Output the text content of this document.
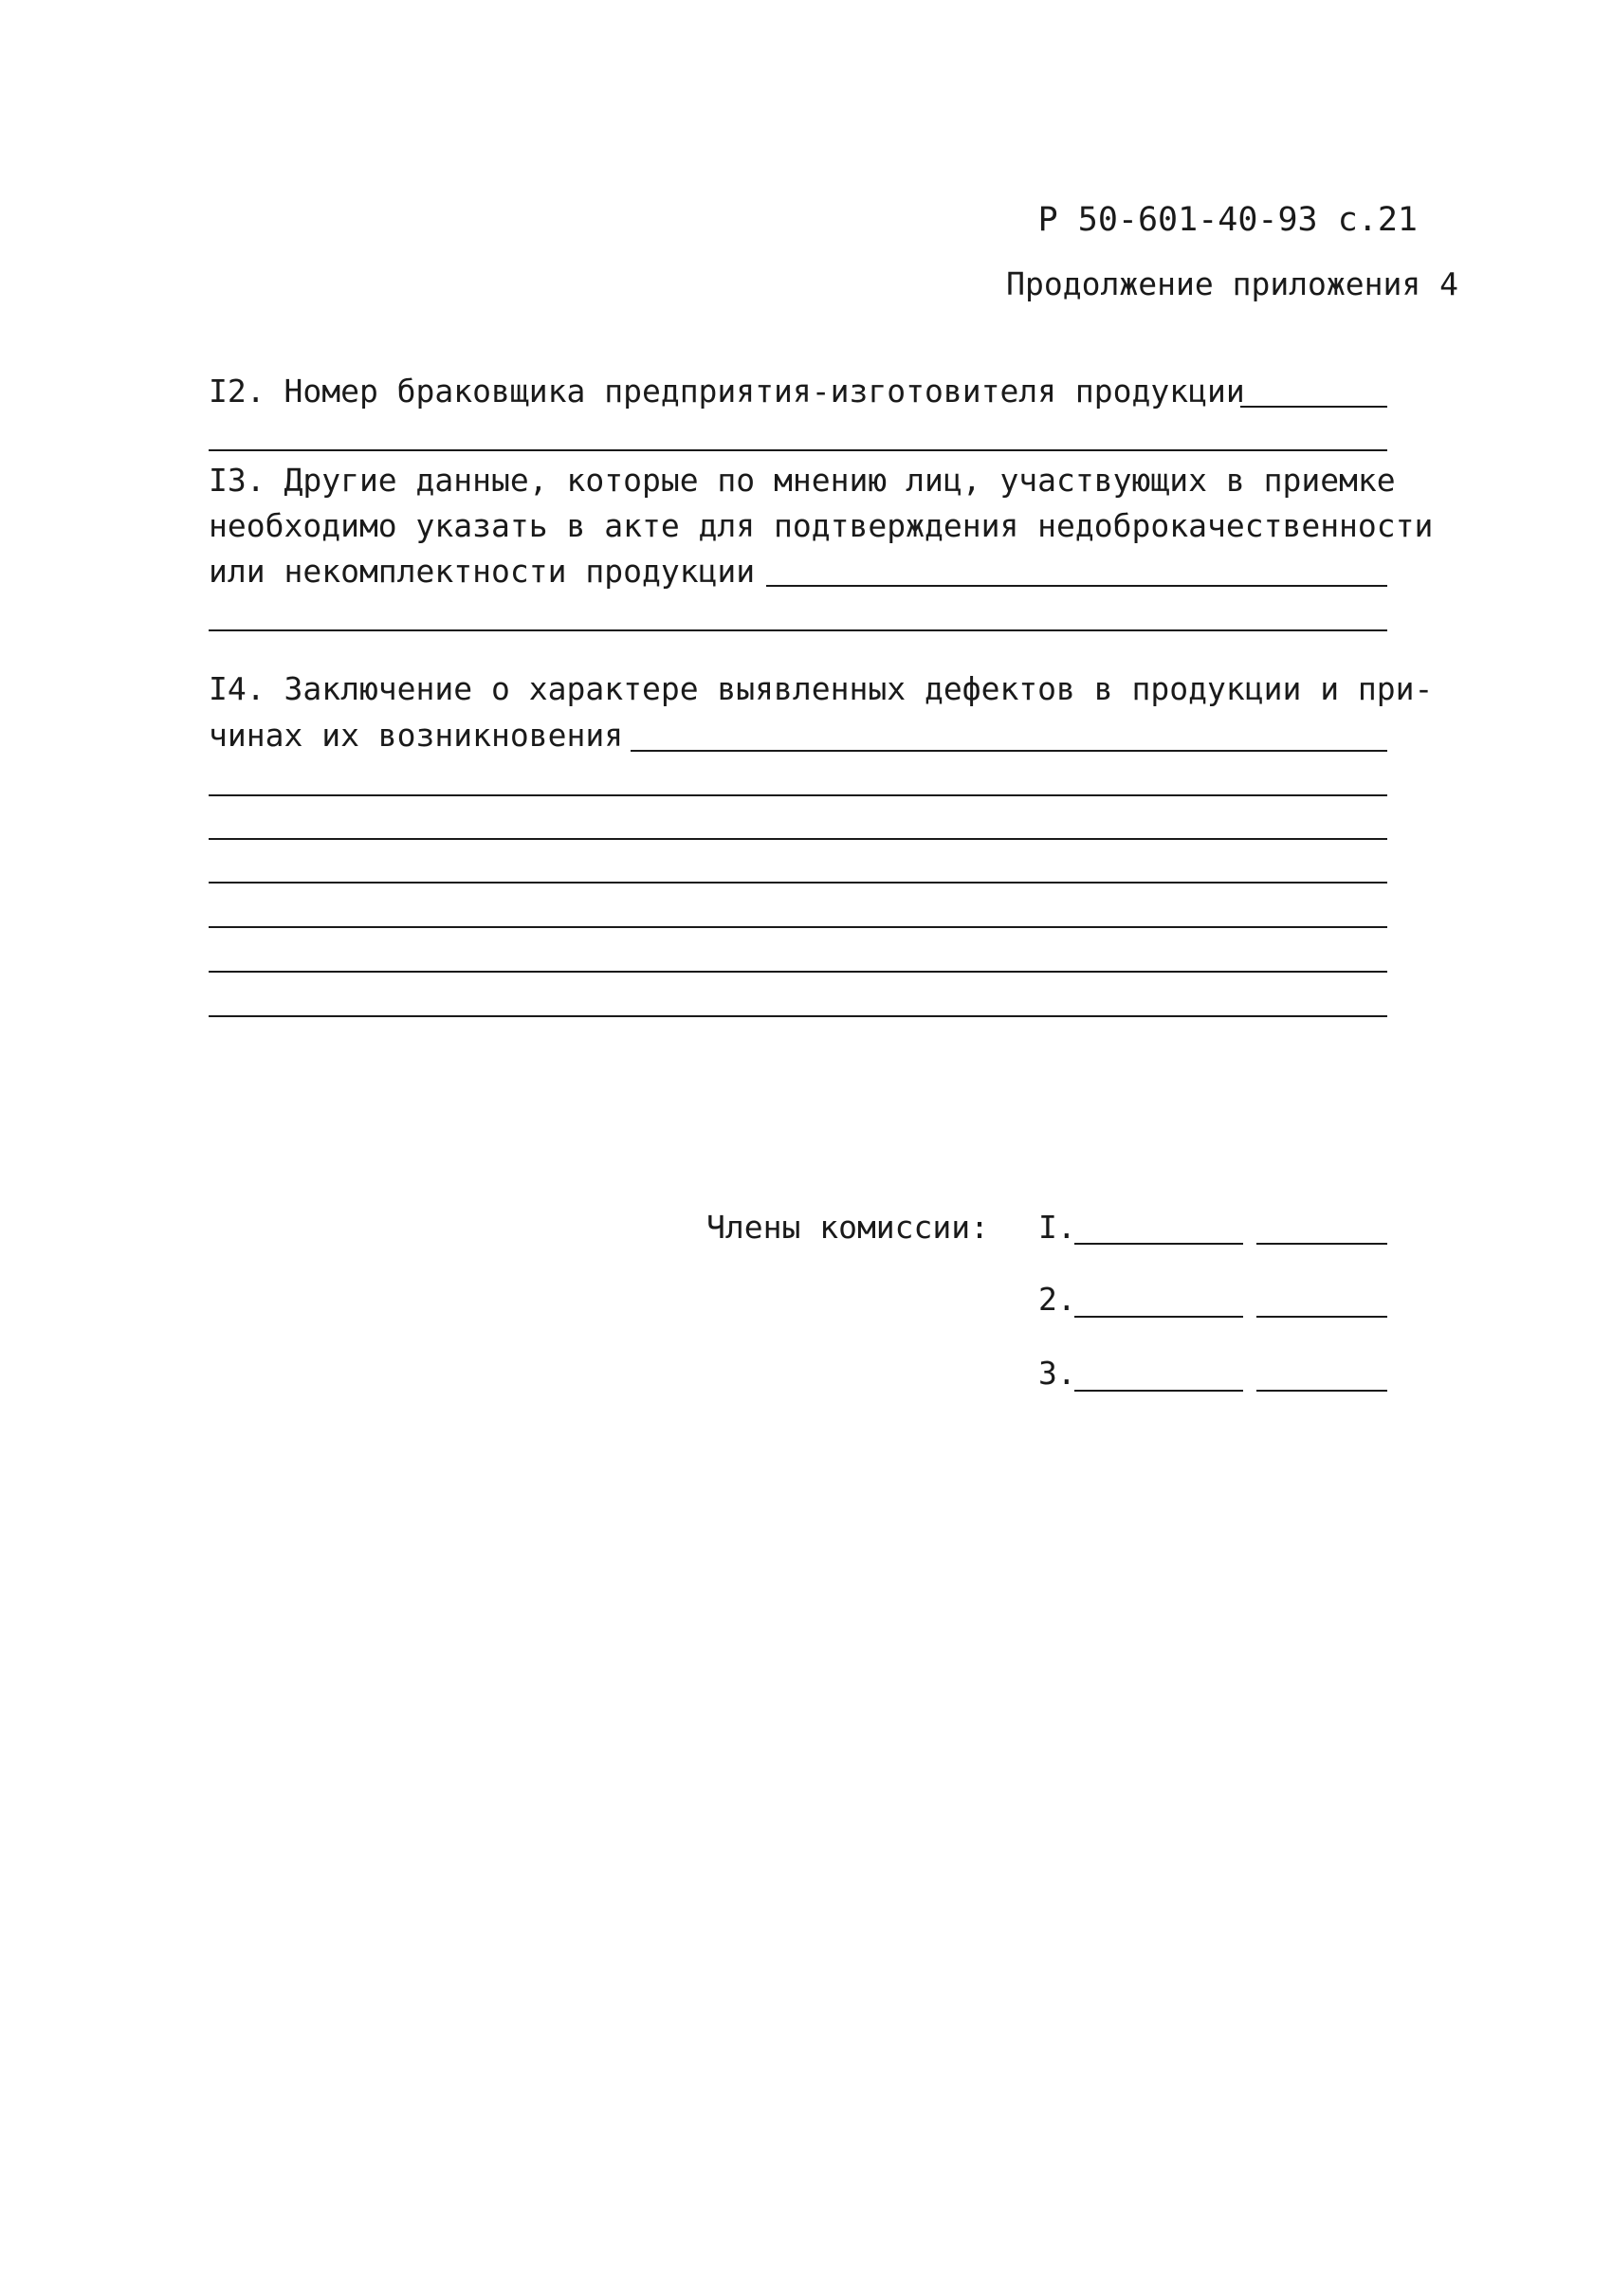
Р 50-601-40-93 с.21
Продолжение приложения 4
I2. Номер браковщика предприятия-изготовителя продукции
I3. Другие данные, которые по мнению лиц, участвующих в приемке
необходимо указать в акте для подтверждения недоброкачественности
или некомплектности продукции
I4. Заключение о характере выявленных дефектов в продукции и при-
чинах их возникновения
Члены комиссии: I.
2.
3.
